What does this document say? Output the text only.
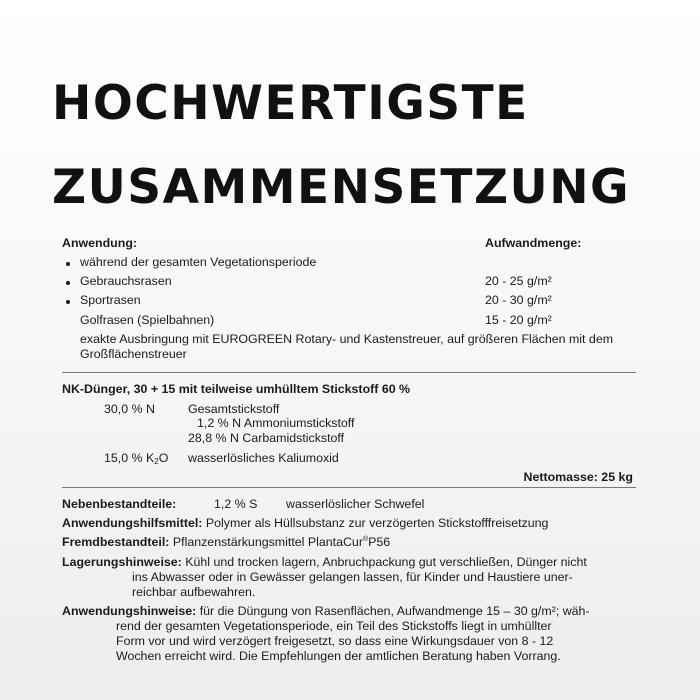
HOCHWERTIGSTE
ZUSAMMENSETZUNG
Anwendung:	Aufwandmenge:
während der gesamten Vegetationsperiode
Gebrauchsrasen	20 - 25 g/m²
Sportrasen	20 - 30 g/m²
Golfrasen (Spielbahnen)	15 - 20 g/m²
exakte Ausbringung mit EUROGREEN Rotary- und Kastenstreuer, auf größeren Flächen mit dem
Großflächenstreuer
NK-Dünger, 30 + 15 mit teilweise umhülltem Stickstoff 60 %
30,0 % N	Gesamtstickstoff
1,2 % N Ammoniumstickstoff
28,8 % N Carbamidstickstoff
15,0 % $K_2O$ wasserlösliches Kaliumoxid
Nettomasse: 25 kg
Nebenbestandteile:	1,2 % S wasserlöslicher Schwefel
Anwendungshilfsmittel: Polymer als Hüllsubstanz zur verzögerten Stickstofffreisetzung
Fremdbestandteil: Pflanzenstärkungsmittel PlantaCur®P56
Lagerungshinweise: Kühl und trocken lagern, Anbruchpackung gut verschließen, Dünger nicht
ins Abwasser oder in Gewässer gelangen lassen, für Kinder und Haustiere uner-
reichbar aufbewahren.
Anwendungshinweise: für die Düngung von Rasenflächen, Aufwandmenge 15 – 30 g/m²; wäh-
rend der gesamten Vegetationsperiode, ein Teil des Stickstoffs liegt in umhüllter
Form vor und wird verzögert freigesetzt, so dass eine Wirkungsdauer von 8 - 12
Wochen erreicht wird. Die Empfehlungen der amtlichen Beratung haben Vorrang.
